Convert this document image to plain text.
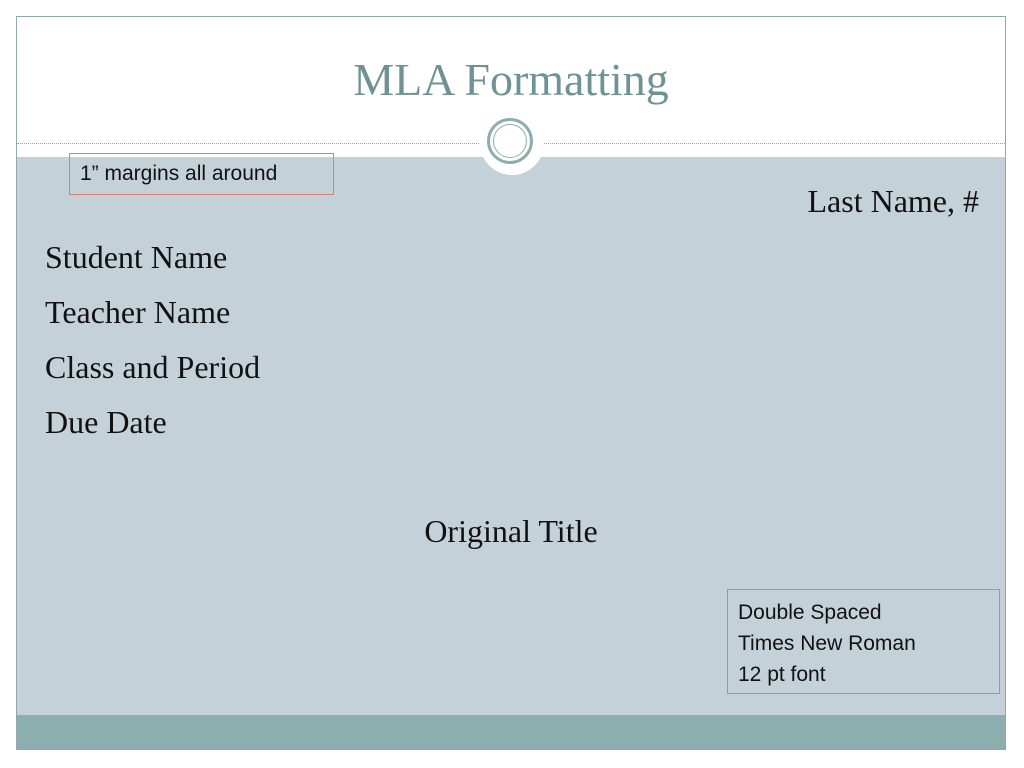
MLA Formatting
1” margins all around
Last Name, #
Student Name
Teacher Name
Class and Period
Due Date
Original Title
Double Spaced
Times New Roman
12 pt font
